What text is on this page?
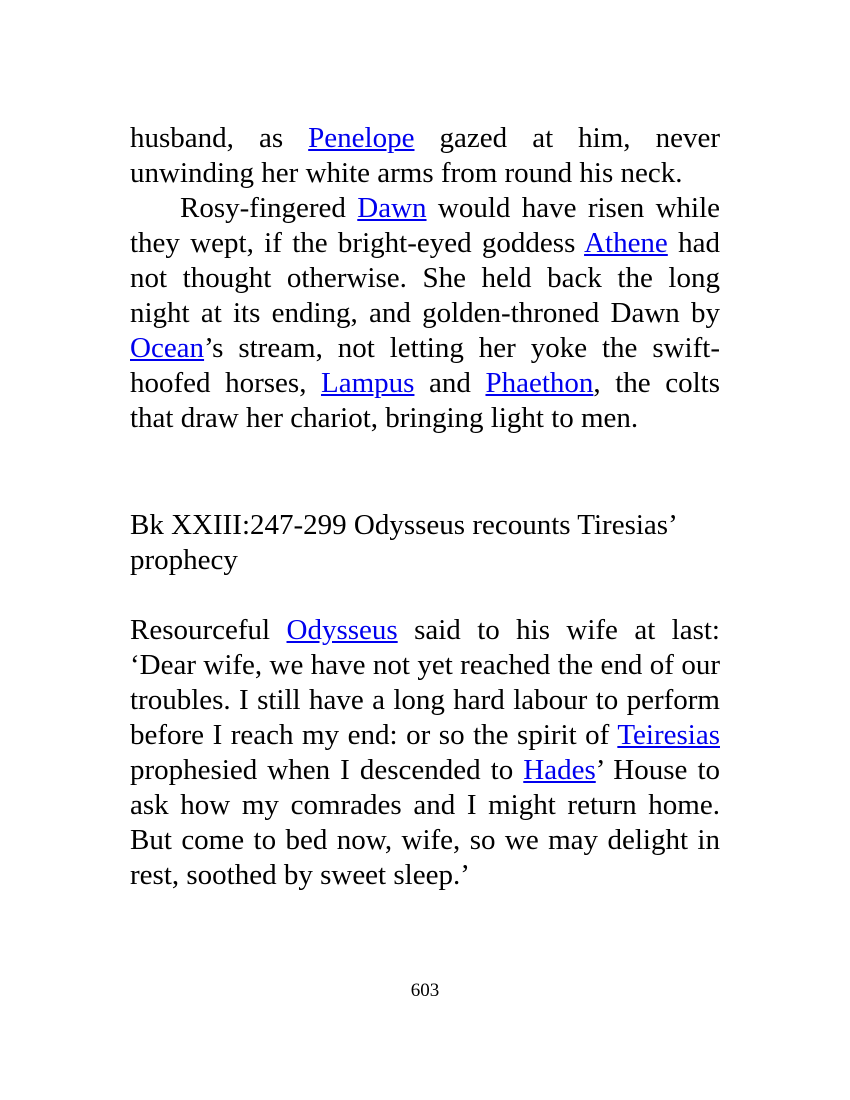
husband, as Penelope gazed at him, never unwinding her white arms from round his neck.

Rosy-fingered Dawn would have risen while they wept, if the bright-eyed goddess Athene had not thought otherwise. She held back the long night at its ending, and golden-throned Dawn by Ocean’s stream, not letting her yoke the swift-hoofed horses, Lampus and Phaethon, the colts that draw her chariot, bringing light to men.

Bk XXIII:247-299 Odysseus recounts Tiresias’ prophecy

Resourceful Odysseus said to his wife at last: ‘Dear wife, we have not yet reached the end of our troubles. I still have a long hard labour to perform before I reach my end: or so the spirit of Teiresias prophesied when I descended to Hades’ House to ask how my comrades and I might return home. But come to bed now, wife, so we may delight in rest, soothed by sweet sleep.’

603
